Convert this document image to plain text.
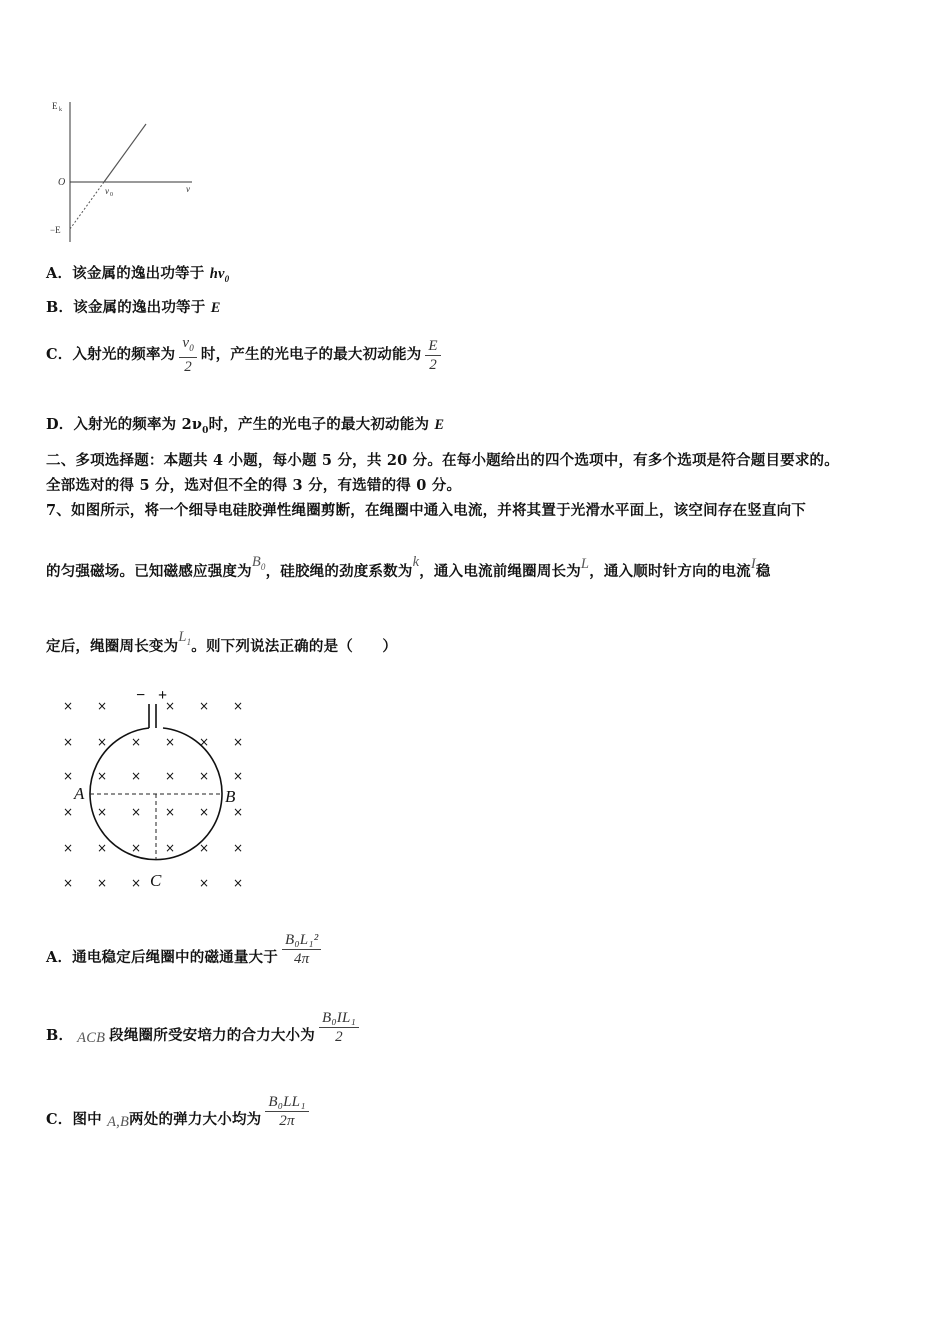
E k
O
ν
ν 0
−E
A．该金属的逸出功等于 $h\nu_0$
B．该金属的逸出功等于 E
C．入射光的频率为 $\frac{\nu_0}{2}$ 时，产生的光电子的最大初动能为 $\frac{E}{2}$
D．入射光的频率为 $2\nu_0$时，产生的光电子的最大初动能为 E
二、多项选择题：本题共 4 小题，每小题 5 分，共 20 分。在每小题给出的四个选项中，有多个选项是符合题目要求的。
全部选对的得 5 分，选对但不全的得 3 分，有选错的得 0 分。
7、如图所示，将一个细导电硅胶弹性绳圈剪断，在绳圈中通入电流，并将其置于光滑水平面上，该空间存在竖直向下
的匀强磁场。已知磁感应强度为$B_0$，硅胶绳的劲度系数为k，通入电流前绳圈周长为L，通入顺时针方向的电流I稳
定后，绳圈周长变为$L_1$。则下列说法正确的是（　　）
×
×
×
×
×
×
×
×
×
×
×
×
×
×
×
×
×
×
×
×
×
×
×
×
×
×
×
×
×
×
×
×
×
×
− +
A	B
C
A．通电稳定后绳圈中的磁通量大于 $\frac{\text{B₀L₁²}}{4\pi}$
B． ACB 段绳圈所受安培力的合力大小为 $\frac{\text{B₀IL₁}}{2}$
C．图中 A,B两处的弹力大小均为 $\frac{\text{B₀LL₁}}{2\pi}$
